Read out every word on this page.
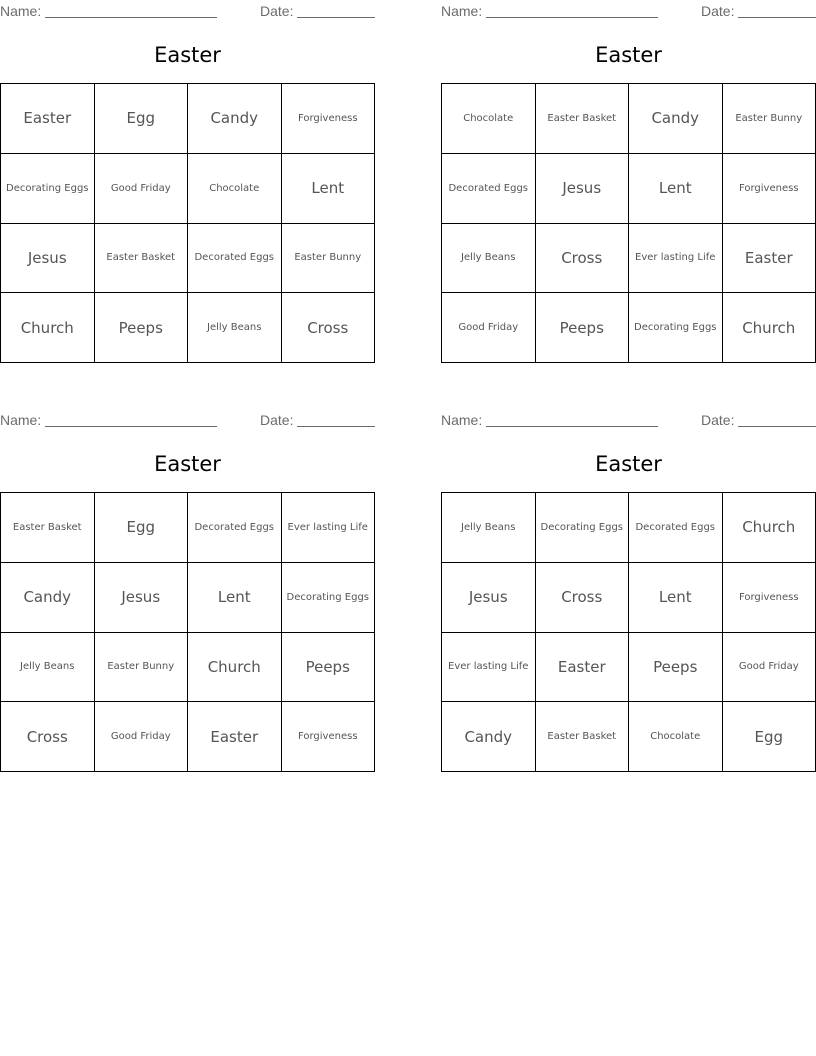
Name:	Date:
Easter
Easter	Egg	Candy	Forgiveness
Decorating Eggs	Good Friday	Chocolate	Lent
Jesus	Easter Basket	Decorated Eggs	Easter Bunny
Church	Peeps	Jelly Beans	Cross
Name:	Date:
Easter
Chocolate	Easter Basket	Candy	Easter Bunny
Decorated Eggs	Jesus	Lent	Forgiveness
Jelly Beans	Cross	Ever lasting Life	Easter
Good Friday	Peeps	Decorating Eggs	Church
Name:	Date:
Easter
Easter Basket	Egg	Decorated Eggs	Ever lasting Life
Candy	Jesus	Lent	Decorating Eggs
Jelly Beans	Easter Bunny	Church	Peeps
Cross	Good Friday	Easter	Forgiveness
Name:	Date:
Easter
Jelly Beans	Decorating Eggs	Decorated Eggs	Church
Jesus	Cross	Lent	Forgiveness
Ever lasting Life	Easter	Peeps	Good Friday
Candy	Easter Basket	Chocolate	Egg
